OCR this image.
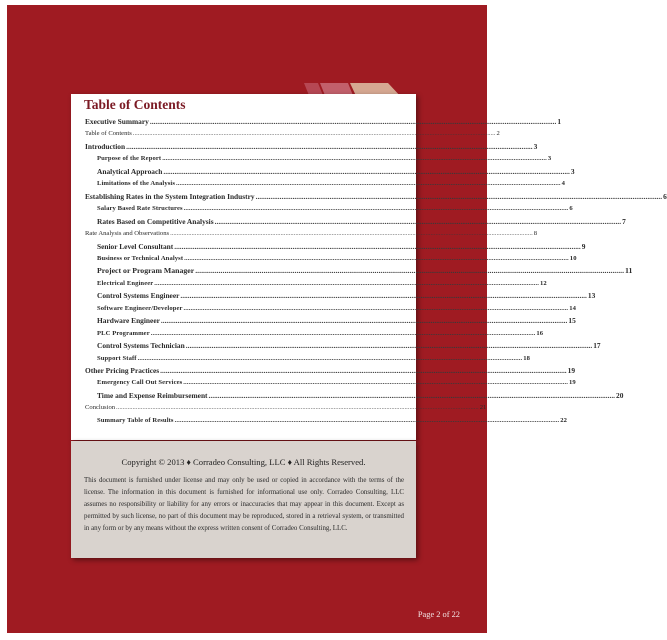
Table of Contents
Executive Summary ............................................................................................................................................................................................................................ 1
Table of Contents ............................................................................................................................................................................................................................ 2
Introduction ............................................................................................................................................................................................................................ 3
Purpose of the Report ............................................................................................................................................................................................................................ 3
Analytical Approach ............................................................................................................................................................................................................................ 3
Limitations of the Analysis ............................................................................................................................................................................................................................ 4
Establishing Rates in the System Integration Industry ............................................................................................................................................................................................................................ 6
Salary Based Rate Structures ............................................................................................................................................................................................................................ 6
Rates Based on Competitive Analysis ............................................................................................................................................................................................................................ 7
Rate Analysis and Observations ............................................................................................................................................................................................................................ 8
Senior Level Consultant ............................................................................................................................................................................................................................ 9
Business or Technical Analyst ............................................................................................................................................................................................................................ 10
Project or Program Manager ............................................................................................................................................................................................................................ 11
Electrical Engineer ............................................................................................................................................................................................................................ 12
Control Systems Engineer ............................................................................................................................................................................................................................ 13
Software Engineer/Developer ............................................................................................................................................................................................................................ 14
Hardware Engineer ............................................................................................................................................................................................................................ 15
PLC Programmer ............................................................................................................................................................................................................................ 16
Control Systems Technician ............................................................................................................................................................................................................................ 17
Support Staff ............................................................................................................................................................................................................................ 18
Other Pricing Practices ............................................................................................................................................................................................................................ 19
Emergency Call Out Services ............................................................................................................................................................................................................................ 19
Time and Expense Reimbursement ............................................................................................................................................................................................................................ 20
Conclusion ............................................................................................................................................................................................................................ 21
Summary Table of Results ............................................................................................................................................................................................................................ 22
Copyright © 2013 ♦ Corradeo Consulting, LLC ♦ All Rights Reserved.
This document is furnished under license and may only be used or copied in accordance with the terms of the license. The information in this document is furnished for informational use only. Corradeo Consulting, LLC assumes no responsibility or liability for any errors or inaccuracies that may appear in this document. Except as permitted by such license, no part of this document may be reproduced, stored in a retrieval system, or transmitted in any form or by any means without the express written consent of Corradeo Consulting, LLC.
Page 2 of 22
